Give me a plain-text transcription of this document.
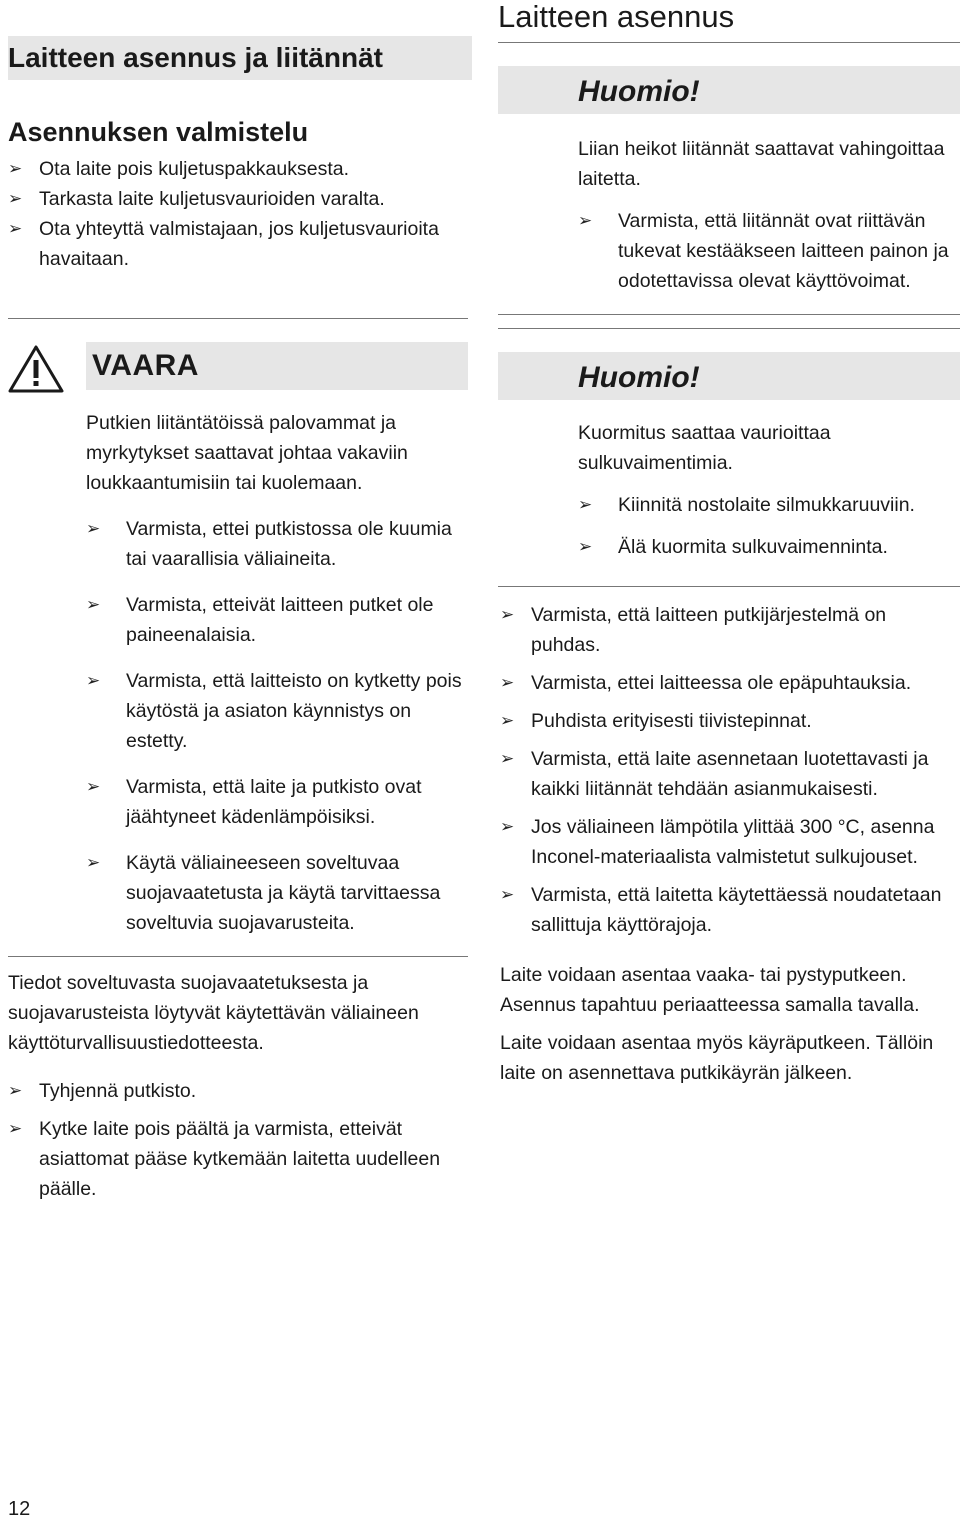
Laitteen asennus ja liitännät
Asennuksen valmistelu
➢ Ota laite pois kuljetuspakkauksesta.
➢ Tarkasta laite kuljetusvaurioiden varalta.
➢ Ota yhteyttä valmistajaan, jos kuljetusvaurioita havaitaan.
VAARA

Putkien liitäntätöissä palovammat ja myrkytykset saattavat johtaa vakaviin loukkaantumisiin tai kuolemaan.

➢ Varmista, ettei putkistossa ole kuumia tai vaarallisia väliaineita.
➢ Varmista, etteivät laitteen putket ole paineenalaisia.
➢ Varmista, että laitteisto on kytketty pois käytöstä ja asiaton käynnistys on estetty.
➢ Varmista, että laite ja putkisto ovat jäähtyneet kädenlämpöisiksi.
➢ Käytä väliaineeseen soveltuvaa suojavaatetusta ja käytä tarvittaessa soveltuvia suojavarusteita.

Tiedot soveltuvasta suojavaatetuksesta ja suojavarusteista löytyvät käytettävän väliaineen käyttöturvallisuustiedotteesta.

➢ Tyhjennä putkisto.
➢ Kytke laite pois päältä ja varmista, etteivät asiattomat pääse kytkemään laitetta uudelleen päälle.
Laitteen asennus
Huomio!

Liian heikot liitännät saattavat vahingoittaa laitetta.

➢ Varmista, että liitännät ovat riittävän tukevat kestääkseen laitteen painon ja odotettavissa olevat käyttövoimat.
Huomio!

Kuormitus saattaa vaurioittaa sulkuvaimentimia.

➢ Kiinnitä nostolaite silmukkaruuviin.
➢ Älä kuormita sulkuvaimenninta.
➢ Varmista, että laitteen putkijärjestelmä on puhdas.
➢ Varmista, ettei laitteessa ole epäpuhtauksia.
➢ Puhdista erityisesti tiivistepinnat.
➢ Varmista, että laite asennetaan luotettavasti ja kaikki liitännät tehdään asianmukaisesti.
➢ Jos väliaineen lämpötila ylittää 300 °C, asenna Inconel-materiaalista valmistetut sulkujouset.
➢ Varmista, että laitetta käytettäessä noudatetaan sallittuja käyttörajoja.

Laite voidaan asentaa vaaka- tai pystyputkeen. Asennus tapahtuu periaatteessa samalla tavalla.

Laite voidaan asentaa myös käyräputkeen. Tällöin laite on asennettava putkikäyrän jälkeen.

12
